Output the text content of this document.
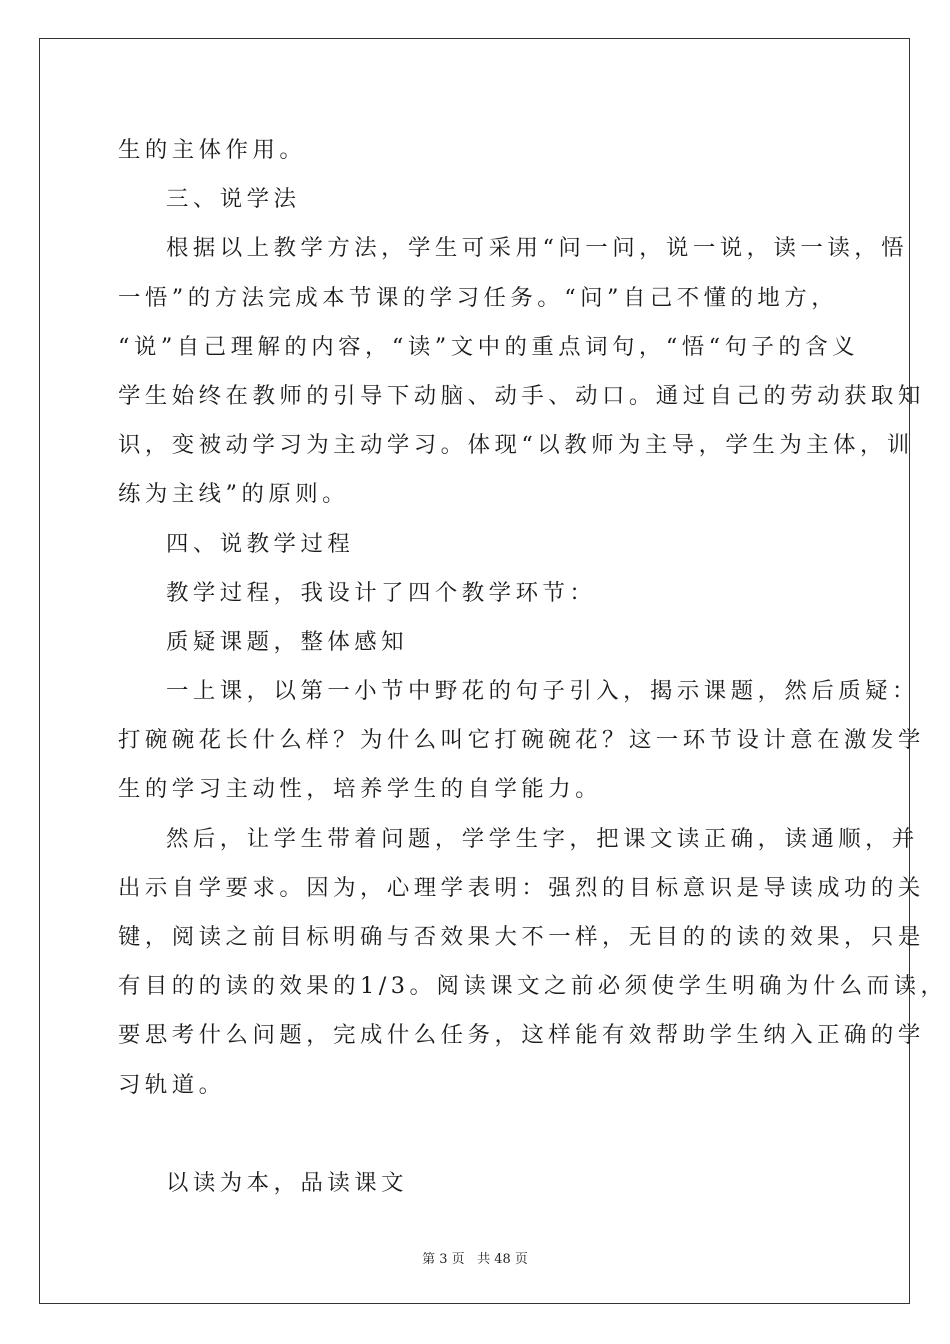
生的主体作用。
三、说学法
根据以上教学方法，学生可采用“问一问，说一说，读一读，悟
一悟”的方法完成本节课的学习任务。“问”自己不懂的地方，
“说”自己理解的内容，“读”文中的重点词句，“悟“句子的含义
学生始终在教师的引导下动脑、动手、动口。通过自己的劳动获取知
识，变被动学习为主动学习。体现“以教师为主导，学生为主体，训
练为主线”的原则。
四、说教学过程
教学过程，我设计了四个教学环节：
质疑课题，整体感知
一上课，以第一小节中野花的句子引入，揭示课题，然后质疑：
打碗碗花长什么样？为什么叫它打碗碗花？这一环节设计意在激发学
生的学习主动性，培养学生的自学能力。
然后，让学生带着问题，学学生字，把课文读正确，读通顺，并
出示自学要求。因为，心理学表明：强烈的目标意识是导读成功的关
键，阅读之前目标明确与否效果大不一样，无目的的读的效果，只是
有目的的读的效果的1/3。阅读课文之前必须使学生明确为什么而读，
要思考什么问题，完成什么任务，这样能有效帮助学生纳入正确的学
习轨道。
以读为本，品读课文
第 3 页 共 48 页
